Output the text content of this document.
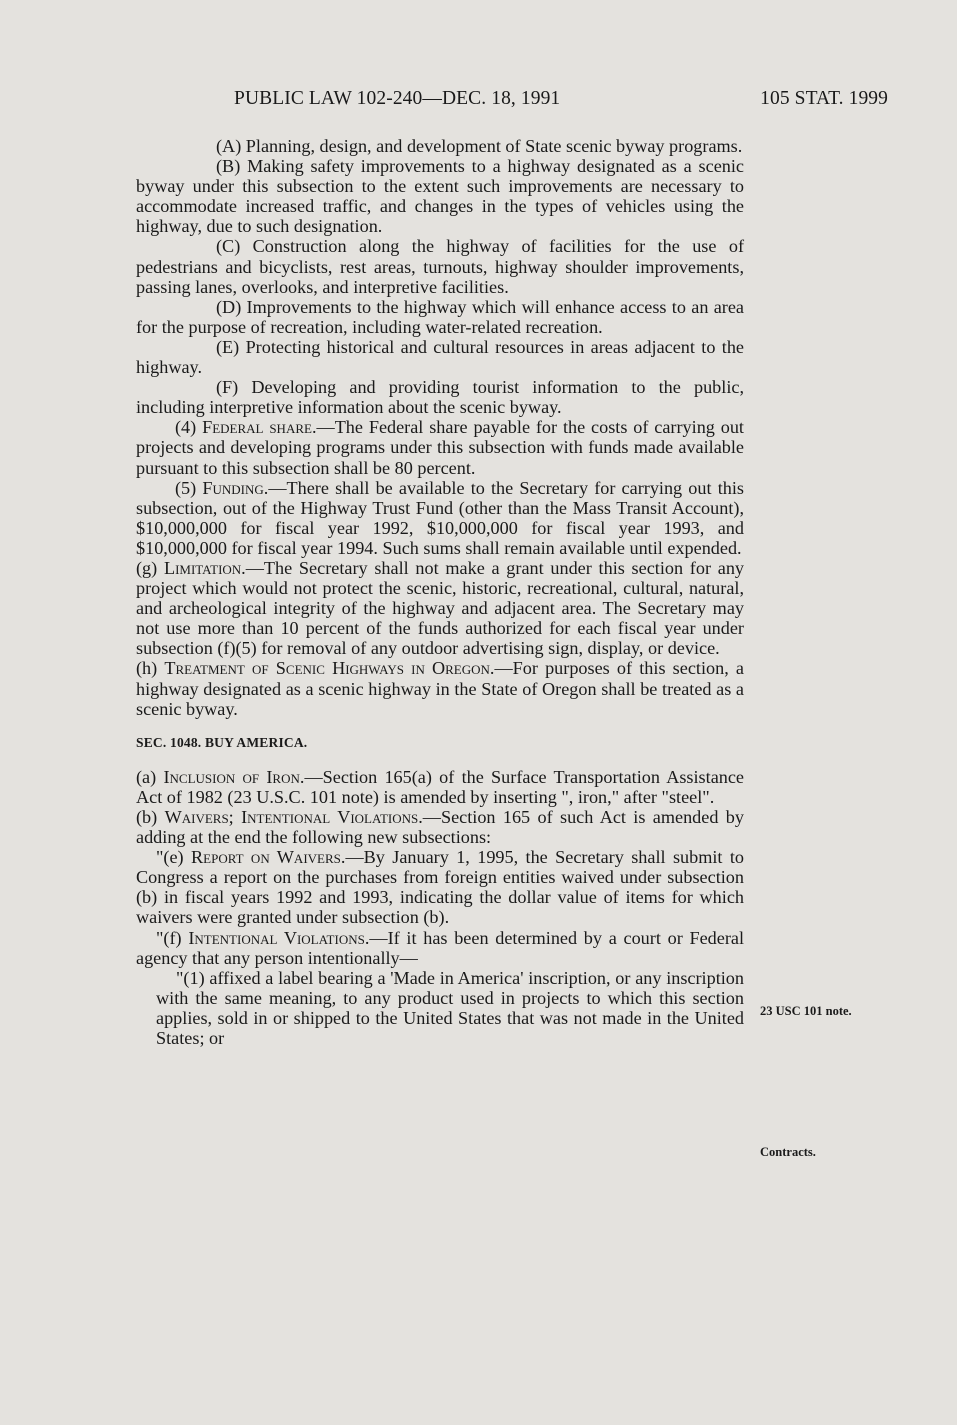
PUBLIC LAW 102-240—DEC. 18, 1991	105 STAT. 1999

(A) Planning, design, and development of State scenic byway programs.

(B) Making safety improvements to a highway designated as a scenic byway under this subsection to the extent such improvements are necessary to accommodate increased traffic, and changes in the types of vehicles using the highway, due to such designation.

(C) Construction along the highway of facilities for the use of pedestrians and bicyclists, rest areas, turnouts, highway shoulder improvements, passing lanes, overlooks, and interpretive facilities.

(D) Improvements to the highway which will enhance access to an area for the purpose of recreation, including water-related recreation.

(E) Protecting historical and cultural resources in areas adjacent to the highway.

(F) Developing and providing tourist information to the public, including interpretive information about the scenic byway.

(4) Federal share.—The Federal share payable for the costs of carrying out projects and developing programs under this subsection with funds made available pursuant to this subsection shall be 80 percent.

(5) Funding.—There shall be available to the Secretary for carrying out this subsection, out of the Highway Trust Fund (other than the Mass Transit Account), $10,000,000 for fiscal year 1992, $10,000,000 for fiscal year 1993, and $10,000,000 for fiscal year 1994. Such sums shall remain available until expended.

(g) Limitation.—The Secretary shall not make a grant under this section for any project which would not protect the scenic, historic, recreational, cultural, natural, and archeological integrity of the highway and adjacent area. The Secretary may not use more than 10 percent of the funds authorized for each fiscal year under subsection (f)(5) for removal of any outdoor advertising sign, display, or device.

(h) Treatment of Scenic Highways in Oregon.—For purposes of this section, a highway designated as a scenic highway in the State of Oregon shall be treated as a scenic byway.

SEC. 1048. BUY AMERICA.

(a) Inclusion of Iron.—Section 165(a) of the Surface Transportation Assistance Act of 1982 (23 U.S.C. 101 note) is amended by inserting ", iron," after "steel".

(b) Waivers; Intentional Violations.—Section 165 of such Act is amended by adding at the end the following new subsections:

"(e) Report on Waivers.—By January 1, 1995, the Secretary shall submit to Congress a report on the purchases from foreign entities waived under subsection (b) in fiscal years 1992 and 1993, indicating the dollar value of items for which waivers were granted under subsection (b).

"(f) Intentional Violations.—If it has been determined by a court or Federal agency that any person intentionally—

"(1) affixed a label bearing a 'Made in America' inscription, or any inscription with the same meaning, to any product used in projects to which this section applies, sold in or shipped to the United States that was not made in the United States; or

23 USC 101 note.
Contracts.
